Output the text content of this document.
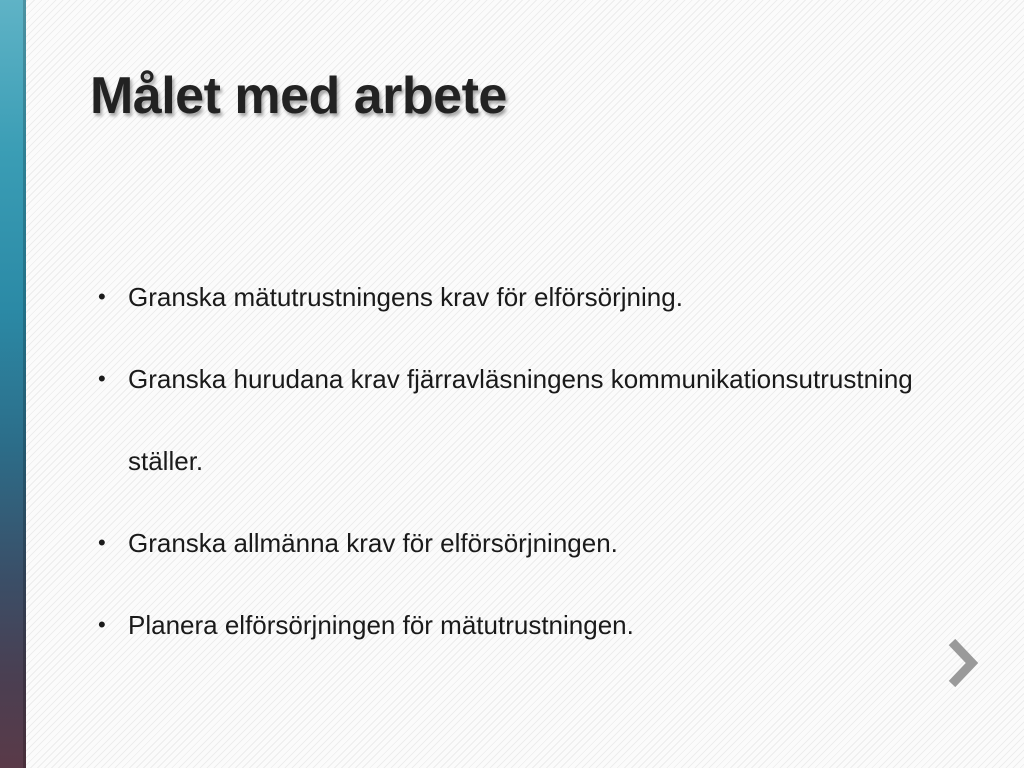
Målet med arbete
• Granska mätutrustningens krav för elförsörjning.
• Granska hurudana krav fjärravläsningens kommunikationsutrustning ställer.
• Granska allmänna krav för elförsörjningen.
• Planera elförsörjningen för mätutrustningen.
